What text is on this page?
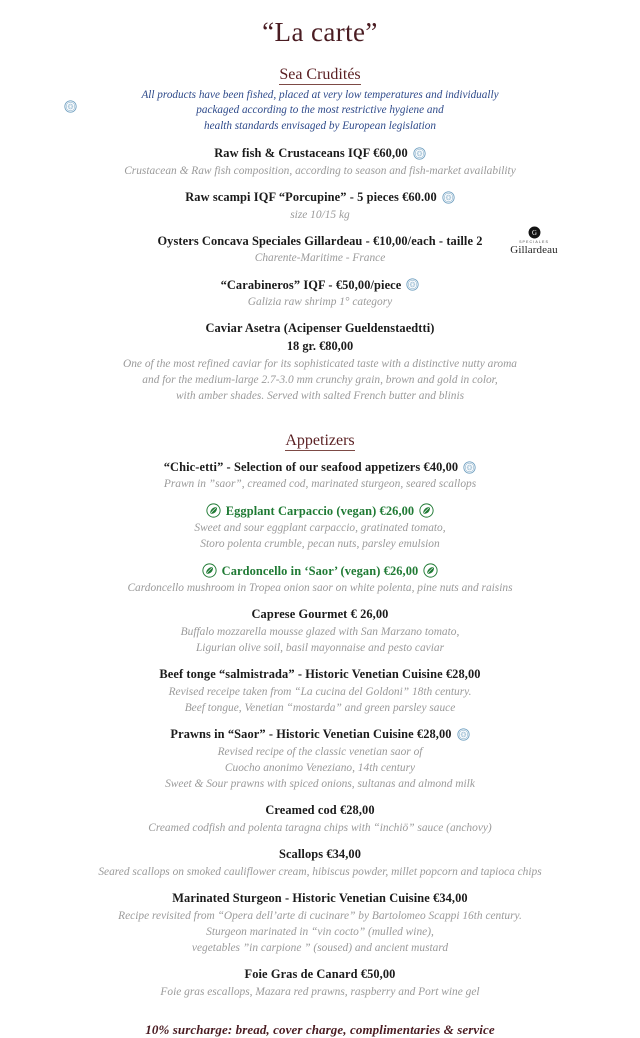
“La carte”
Sea Crudités
All products have been fished, placed at very low temperatures and individually
packaged according to the most restrictive hygiene and
health standards envisaged by European legislation
Raw fish & Crustaceans IQF €60,00
Crustacean & Raw fish composition, according to season and fish-market availability
Raw scampi IQF “Porcupine” - 5 pieces €60.00
size 10/15 kg
Oysters Concava Speciales Gillardeau - €10,00/each - taille 2
G
SPECIALES
Gillardeau
Charente-Maritime - France
“Carabineros” IQF - €50,00/piece
Galizia raw shrimp 1° category
Caviar Asetra (Acipenser Gueldenstaedtti)
18 gr. €80,00
One of the most refined caviar for its sophisticated taste with a distinctive nutty aroma
and for the medium-large 2.7-3.0 mm crunchy grain, brown and gold in color,
with amber shades. Served with salted French butter and blinis
Appetizers
“Chic-etti” - Selection of our seafood appetizers €40,00
Prawn in ”saor”, creamed cod, marinated sturgeon, seared scallops
Eggplant Carpaccio (vegan) €26,00
Sweet and sour eggplant carpaccio, gratinated tomato,
Storo polenta crumble, pecan nuts, parsley emulsion
Cardoncello in ‘Saor’ (vegan) €26,00
Cardoncello mushroom in Tropea onion saor on white polenta, pine nuts and raisins
Caprese Gourmet € 26,00
Buffalo mozzarella mousse glazed with San Marzano tomato,
Ligurian olive soil, basil mayonnaise and pesto caviar
Beef tonge “salmistrada” - Historic Venetian Cuisine €28,00
Revised receipe taken from “La cucina del Goldoni” 18th century.
Beef tongue, Venetian “mostarda” and green parsley sauce
Prawns in “Saor” - Historic Venetian Cuisine €28,00
Revised recipe of the classic venetian saor of
Cuocho anonimo Veneziano, 14th century
Sweet & Sour prawns with spiced onions, sultanas and almond milk
Creamed cod €28,00
Creamed codfish and polenta taragna chips with “inchiö” sauce (anchovy)
Scallops €34,00
Seared scallops on smoked cauliflower cream, hibiscus powder, millet popcorn and tapioca chips
Marinated Sturgeon - Historic Venetian Cuisine €34,00
Recipe revisited from “Opera dell’arte di cucinare” by Bartolomeo Scappi 16th century.
Sturgeon marinated in “vin cocto” (mulled wine),
vegetables ”in carpione ” (soused) and ancient mustard
Foie Gras de Canard €50,00
Foie gras escallops, Mazara red prawns, raspberry and Port wine gel
10% surcharge: bread, cover charge, complimentaries & service
